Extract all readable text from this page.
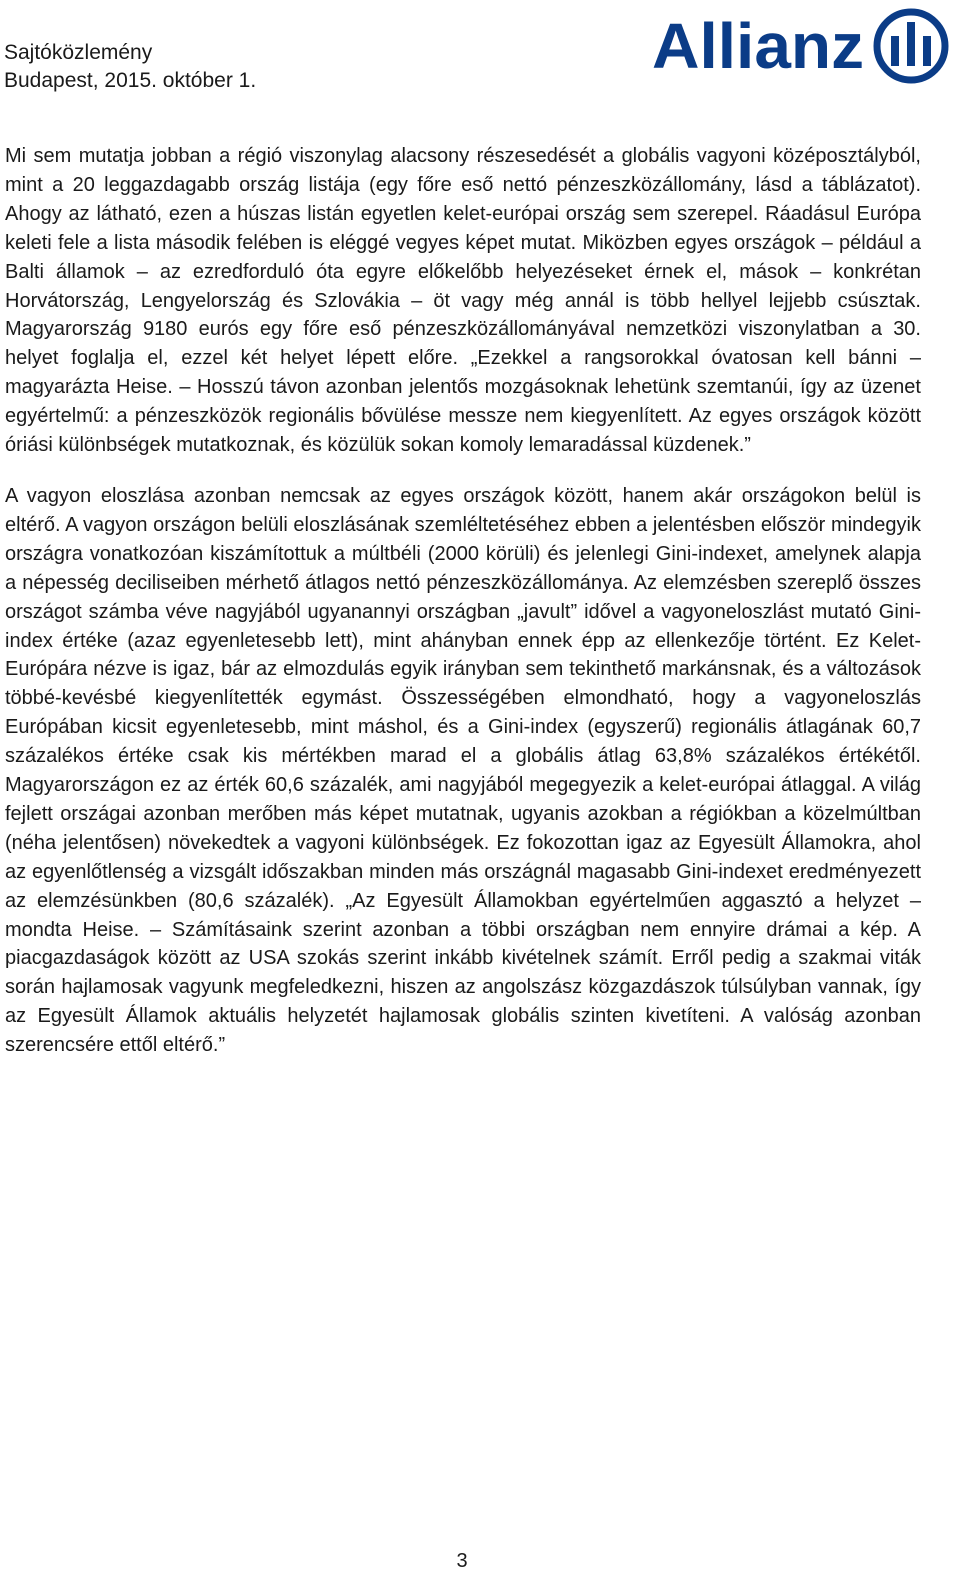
Sajtóközlemény
Budapest, 2015. október 1.	Allianz

Mi sem mutatja jobban a régió viszonylag alacsony részesedését a globális vagyoni középosztályból, mint a 20 leggazdagabb ország listája (egy főre eső nettó pénzeszközállomány, lásd a táblázatot). Ahogy az látható, ezen a húszas listán egyetlen kelet-európai ország sem szerepel. Ráadásul Európa keleti fele a lista második felében is eléggé vegyes képet mutat. Miközben egyes országok – például a Balti államok – az ezredforduló óta egyre előkelőbb helyezéseket érnek el, mások – konkrétan Horvátország, Lengyelország és Szlovákia – öt vagy még annál is több hellyel lejjebb csúsztak. Magyarország 9180 eurós egy főre eső pénzeszközállományával nemzetközi viszonylatban a 30. helyet foglalja el, ezzel két helyet lépett előre. „Ezekkel a rangsorokkal óvatosan kell bánni – magyarázta Heise. – Hosszú távon azonban jelentős mozgásoknak lehetünk szemtanúi, így az üzenet egyértelmű: a pénzeszközök regionális bővülése messze nem kiegyenlített. Az egyes országok között óriási különbségek mutatkoznak, és közülük sokan komoly lemaradással küzdenek.”

A vagyon eloszlása azonban nemcsak az egyes országok között, hanem akár országokon belül is eltérő. A vagyon országon belüli eloszlásának szemléltetéséhez ebben a jelentésben először mindegyik országra vonatkozóan kiszámítottuk a múltbéli (2000 körüli) és jelenlegi Gini-indexet, amelynek alapja a népesség deciliseiben mérhető átlagos nettó pénzeszközállománya. Az elemzésben szereplő összes országot számba véve nagyjából ugyanannyi országban „javult” idővel a vagyoneloszlást mutató Gini-index értéke (azaz egyenletesebb lett), mint ahányban ennek épp az ellenkezője történt. Ez Kelet-Európára nézve is igaz, bár az elmozdulás egyik irányban sem tekinthető markánsnak, és a változások többé-kevésbé kiegyenlítették egymást. Összességében elmondható, hogy a vagyoneloszlás Európában kicsit egyenletesebb, mint máshol, és a Gini-index (egyszerű) regionális átlagának 60,7 százalékos értéke csak kis mértékben marad el a globális átlag 63,8% százalékos értékétől. Magyarországon ez az érték 60,6 százalék, ami nagyjából megegyezik a kelet-európai átlaggal. A világ fejlett országai azonban merőben más képet mutatnak, ugyanis azokban a régiókban a közelmúltban (néha jelentősen) növekedtek a vagyoni különbségek. Ez fokozottan igaz az Egyesült Államokra, ahol az egyenlőtlenség a vizsgált időszakban minden más országnál magasabb Gini-indexet eredményezett az elemzésünkben (80,6 százalék). „Az Egyesült Államokban egyértelműen aggasztó a helyzet – mondta Heise. – Számításaink szerint azonban a többi országban nem ennyire drámai a kép. A piacgazdaságok között az USA szokás szerint inkább kivételnek számít. Erről pedig a szakmai viták során hajlamosak vagyunk megfeledkezni, hiszen az angolszász közgazdászok túlsúlyban vannak, így az Egyesült Államok aktuális helyzetét hajlamosak globális szinten kivetíteni. A valóság azonban szerencsére ettől eltérő.”

3
